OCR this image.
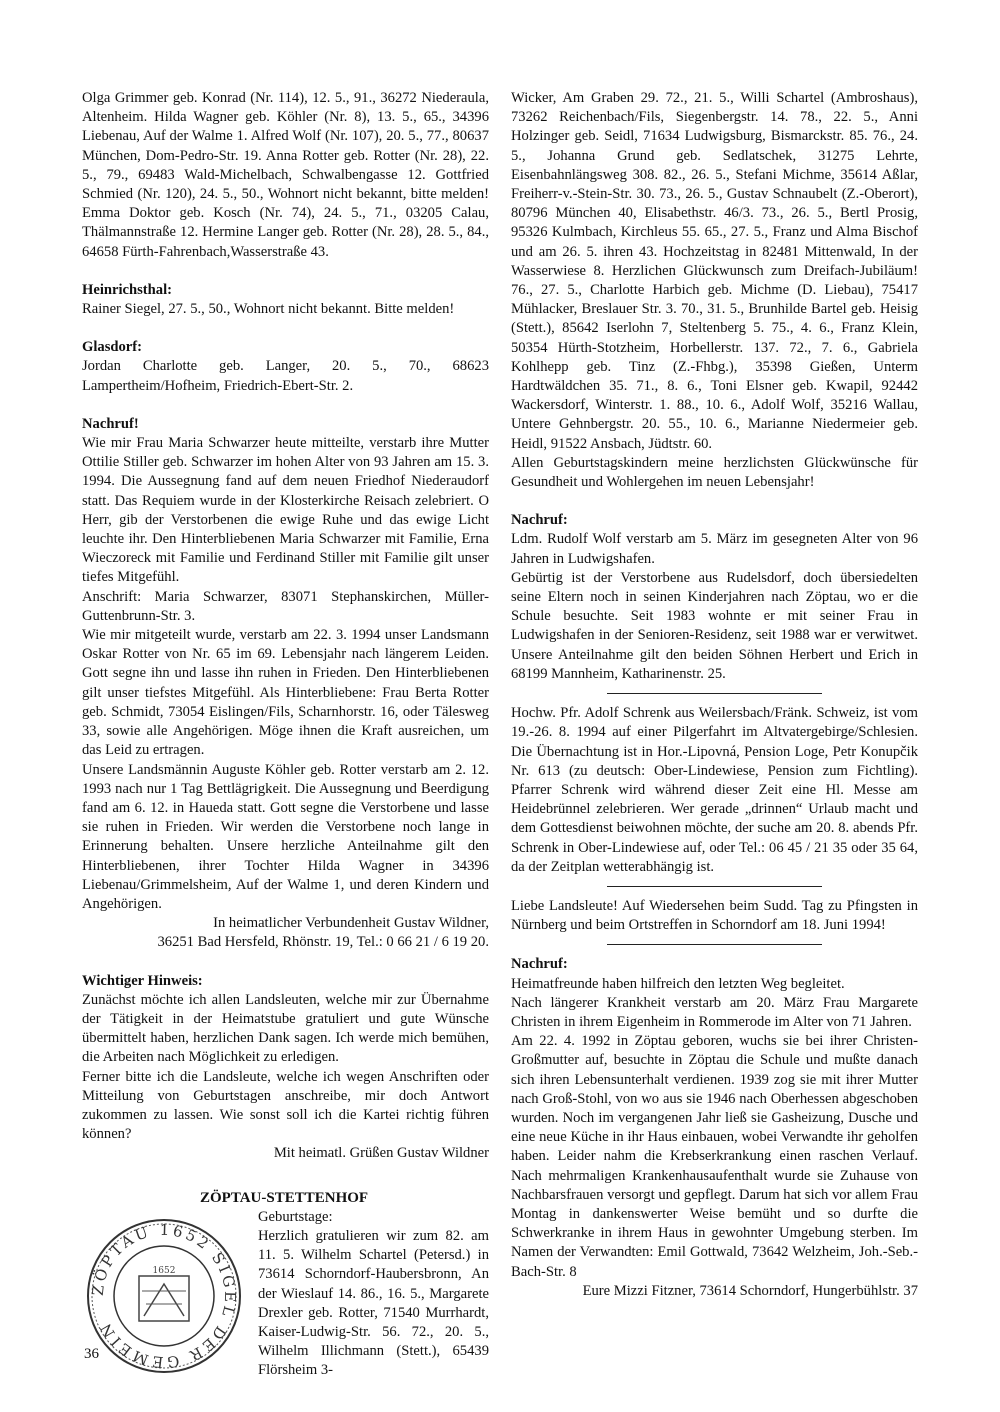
Olga Grimmer geb. Konrad (Nr. 114), 12. 5., 91., 36272 Niederaula, Altenheim. Hilda Wagner geb. Köhler (Nr. 8), 13. 5., 65., 34396 Liebenau, Auf der Walme 1. Alfred Wolf (Nr. 107), 20. 5., 77., 80637 München, Dom-Pedro-Str. 19. Anna Rotter geb. Rotter (Nr. 28), 22. 5., 79., 69483 Wald-Michelbach, Schwalbengasse 12. Gottfried Schmied (Nr. 120), 24. 5., 50., Wohnort nicht bekannt, bitte melden! Emma Doktor geb. Kosch (Nr. 74), 24. 5., 71., 03205 Calau, Thälmannstraße 12. Hermine Langer geb. Rotter (Nr. 28), 28. 5., 84., 64658 Fürth-Fahrenbach,Wasserstraße 43.

Heinrichsthal:

Rainer Siegel, 27. 5., 50., Wohnort nicht bekannt. Bitte melden!

Glasdorf:

Jordan Charlotte geb. Langer, 20. 5., 70., 68623 Lampertheim/Hofheim, Friedrich-Ebert-Str. 2.

Nachruf!

Wie mir Frau Maria Schwarzer heute mitteilte, verstarb ihre Mutter Ottilie Stiller geb. Schwarzer im hohen Alter von 93 Jahren am 15. 3. 1994. Die Aussegnung fand auf dem neuen Friedhof Niederaudorf statt. Das Requiem wurde in der Klosterkirche Reisach zelebriert. O Herr, gib der Verstorbenen die ewige Ruhe und das ewige Licht leuchte ihr. Den Hinterbliebenen Maria Schwarzer mit Familie, Erna Wieczoreck mit Familie und Ferdinand Stiller mit Familie gilt unser tiefes Mitgefühl.

Anschrift: Maria Schwarzer, 83071 Stephanskirchen, Müller-Guttenbrunn-Str. 3.

Wie mir mitgeteilt wurde, verstarb am 22. 3. 1994 unser Landsmann Oskar Rotter von Nr. 65 im 69. Lebensjahr nach längerem Leiden. Gott segne ihn und lasse ihn ruhen in Frieden. Den Hinterbliebenen gilt unser tiefstes Mitgefühl. Als Hinterbliebene: Frau Berta Rotter geb. Schmidt, 73054 Eislingen/Fils, Scharnhorstr. 16, oder Tälesweg 33, sowie alle Angehörigen. Möge ihnen die Kraft ausreichen, um das Leid zu ertragen.

Unsere Landsmännin Auguste Köhler geb. Rotter verstarb am 2. 12. 1993 nach nur 1 Tag Bettlägrigkeit. Die Aussegnung und Beerdigung fand am 6. 12. in Haueda statt. Gott segne die Verstorbene und lasse sie ruhen in Frieden. Wir werden die Verstorbene noch lange in Erinnerung behalten. Unsere herzliche Anteilnahme gilt den Hinterbliebenen, ihrer Tochter Hilda Wagner in 34396 Liebenau/Grimmelsheim, Auf der Walme 1, und deren Kindern und Angehörigen.

In heimatlicher Verbundenheit Gustav Wildner,

36251 Bad Hersfeld, Rhönstr. 19, Tel.: 0 66 21 / 6 19 20.

Wichtiger Hinweis:

Zunächst möchte ich allen Landsleuten, welche mir zur Übernahme der Tätigkeit in der Heimatstube gratuliert und gute Wünsche übermittelt haben, herzlichen Dank sagen. Ich werde mich bemühen, die Arbeiten nach Möglichkeit zu erledigen.

Ferner bitte ich die Landsleute, welche ich wegen Anschriften oder Mitteilung von Geburtstagen anschreibe, mir doch Antwort zukommen zu lassen. Wie sonst soll ich die Kartei richtig führen können?

Mit heimatl. Grüßen Gustav Wildner

ZÖPTAU-STETTENHOF

ZÖPTAU 1652 SIGEL DER GEMEIN
1652

Geburtstage:

Herzlich gratulieren wir zum 82. am 11. 5. Wilhelm Schartel (Petersd.) in 73614 Schorndorf-Haubersbronn, An der Wieslauf 14. 86., 16. 5., Margarete Drexler geb. Rotter, 71540 Murrhardt, Kaiser-Ludwig-Str. 56. 72., 20. 5., Wilhelm Illichmann (Stett.), 65439 Flörsheim 3-

Wicker, Am Graben 29. 72., 21. 5., Willi Schartel (Ambroshaus), 73262 Reichenbach/Fils, Siegenbergstr. 14. 78., 22. 5., Anni Holzinger geb. Seidl, 71634 Ludwigsburg, Bismarckstr. 85. 76., 24. 5., Johanna Grund geb. Sedlatschek, 31275 Lehrte, Eisenbahnlängsweg 308. 82., 26. 5., Stefani Michme, 35614 Aßlar, Freiherr-v.-Stein-Str. 30. 73., 26. 5., Gustav Schnaubelt (Z.-Oberort), 80796 München 40, Elisabethstr. 46/3. 73., 26. 5., Bertl Prosig, 95326 Kulmbach, Kirchleus 55. 65., 27. 5., Franz und Alma Bischof und am 26. 5. ihren 43. Hochzeitstag in 82481 Mittenwald, In der Wasserwiese 8. Herzlichen Glückwunsch zum Dreifach-Jubiläum! 76., 27. 5., Charlotte Harbich geb. Michme (D. Liebau), 75417 Mühlacker, Breslauer Str. 3. 70., 31. 5., Brunhilde Bartel geb. Heisig (Stett.), 85642 Iserlohn 7, Steltenberg 5. 75., 4. 6., Franz Klein, 50354 Hürth-Stotzheim, Horbellerstr. 137. 72., 7. 6., Gabriela Kohlhepp geb. Tinz (Z.-Fhbg.), 35398 Gießen, Unterm Hardtwäldchen 35. 71., 8. 6., Toni Elsner geb. Kwapil, 92442 Wackersdorf, Winterstr. 1. 88., 10. 6., Adolf Wolf, 35216 Wallau, Untere Gehnbergstr. 20. 55., 10. 6., Marianne Niedermeier geb. Heidl, 91522 Ansbach, Jüdtstr. 60.

Allen Geburtstagskindern meine herzlichsten Glückwünsche für Gesundheit und Wohlergehen im neuen Lebensjahr!

Nachruf:

Ldm. Rudolf Wolf verstarb am 5. März im gesegneten Alter von 96 Jahren in Ludwigshafen.

Gebürtig ist der Verstorbene aus Rudelsdorf, doch übersiedelten seine Eltern noch in seinen Kinderjahren nach Zöptau, wo er die Schule besuchte. Seit 1983 wohnte er mit seiner Frau in Ludwigshafen in der Senioren-Residenz, seit 1988 war er verwitwet. Unsere Anteilnahme gilt den beiden Söhnen Herbert und Erich in 68199 Mannheim, Katharinenstr. 25.

Hochw. Pfr. Adolf Schrenk aus Weilersbach/Fränk. Schweiz, ist vom 19.-26. 8. 1994 auf einer Pilgerfahrt im Altvatergebirge/Schlesien. Die Übernachtung ist in Hor.-Lipovná, Pension Loge, Petr Konupčik Nr. 613 (zu deutsch: Ober-Lindewiese, Pension zum Fichtling). Pfarrer Schrenk wird während dieser Zeit eine Hl. Messe am Heidebrünnel zelebrieren. Wer gerade „drinnen“ Urlaub macht und dem Gottesdienst beiwohnen möchte, der suche am 20. 8. abends Pfr. Schrenk in Ober-Lindewiese auf, oder Tel.: 06 45 / 21 35 oder 35 64, da der Zeitplan wetterabhängig ist.

Liebe Landsleute! Auf Wiedersehen beim Sudd. Tag zu Pfingsten in Nürnberg und beim Ortstreffen in Schorndorf am 18. Juni 1994!

Nachruf:

Heimatfreunde haben hilfreich den letzten Weg begleitet.

Nach längerer Krankheit verstarb am 20. März Frau Margarete Christen in ihrem Eigenheim in Rommerode im Alter von 71 Jahren.

Am 22. 4. 1992 in Zöptau geboren, wuchs sie bei ihrer Christen-Großmutter auf, besuchte in Zöptau die Schule und mußte danach sich ihren Lebensunterhalt verdienen. 1939 zog sie mit ihrer Mutter nach Groß-Stohl, von wo aus sie 1946 nach Oberhessen abgeschoben wurden. Noch im vergangenen Jahr ließ sie Gasheizung, Dusche und eine neue Küche in ihr Haus einbauen, wobei Verwandte ihr geholfen haben. Leider nahm die Krebserkrankung einen raschen Verlauf. Nach mehrmaligen Krankenhausaufenthalt wurde sie Zuhause von Nachbarsfrauen versorgt und gepflegt. Darum hat sich vor allem Frau Montag in dankenswerter Weise bemüht und so durfte die Schwerkranke in ihrem Haus in gewohnter Umgebung sterben. Im Namen der Verwandten: Emil Gottwald, 73642 Welzheim, Joh.-Seb.-Bach-Str. 8

Eure Mizzi Fitzner, 73614 Schorndorf, Hungerbühlstr. 37

36
